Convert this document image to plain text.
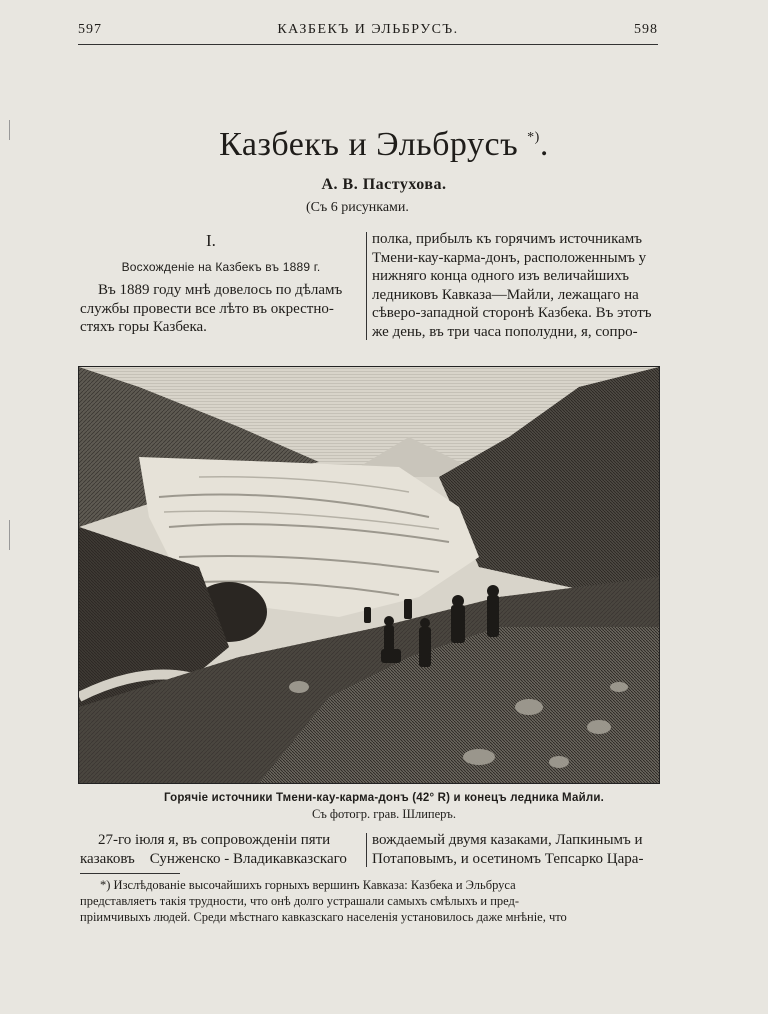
597	КАЗБЕКЪ И ЭЛЬБРУСЪ.	598
Казбекъ и Эльбрусъ *).
А. В. Пастухова.
(Съ 6 рисунками.
I.
Восхожденіе на Казбекъ въ 1889 г.

Въ 1889 году мнѣ довелось по дѣламъ

службы провести все лѣто въ окрестно-

стяхъ горы Казбека.

полка, прибылъ къ горячимъ источникамъ

Тмени-кау-карма-донъ, расположеннымъ у

нижняго конца одного изъ величайшихъ

ледниковъ Кавказа—Майли, лежащаго на

сѣверо-западной сторонѣ Казбека. Въ этотъ

же день, въ три часа пополудни, я, сопро-

Горячіе источники Тмени-кау-карма-донъ (42° R) и конецъ ледника Майли.
Съ фотогр. грав. Шлиперъ.

27-го іюля я, въ сопровожденіи пяти

казаковъ    Сунженско - Владикавказскаго

вождаемый двумя казаками, Лапкинымъ и

Потаповымъ, и осетиномъ Тепсарко Цара-

*) Изслѣдованіе высочайшихъ горныхъ вершинъ Кавказа: Казбека и Эльбруса

представляетъ такія трудности, что онѣ долго устрашали самыхъ смѣлыхъ и пред-

пріимчивыхъ людей. Среди мѣстнаго кавказскаго населенія установилось даже мнѣніе, что
